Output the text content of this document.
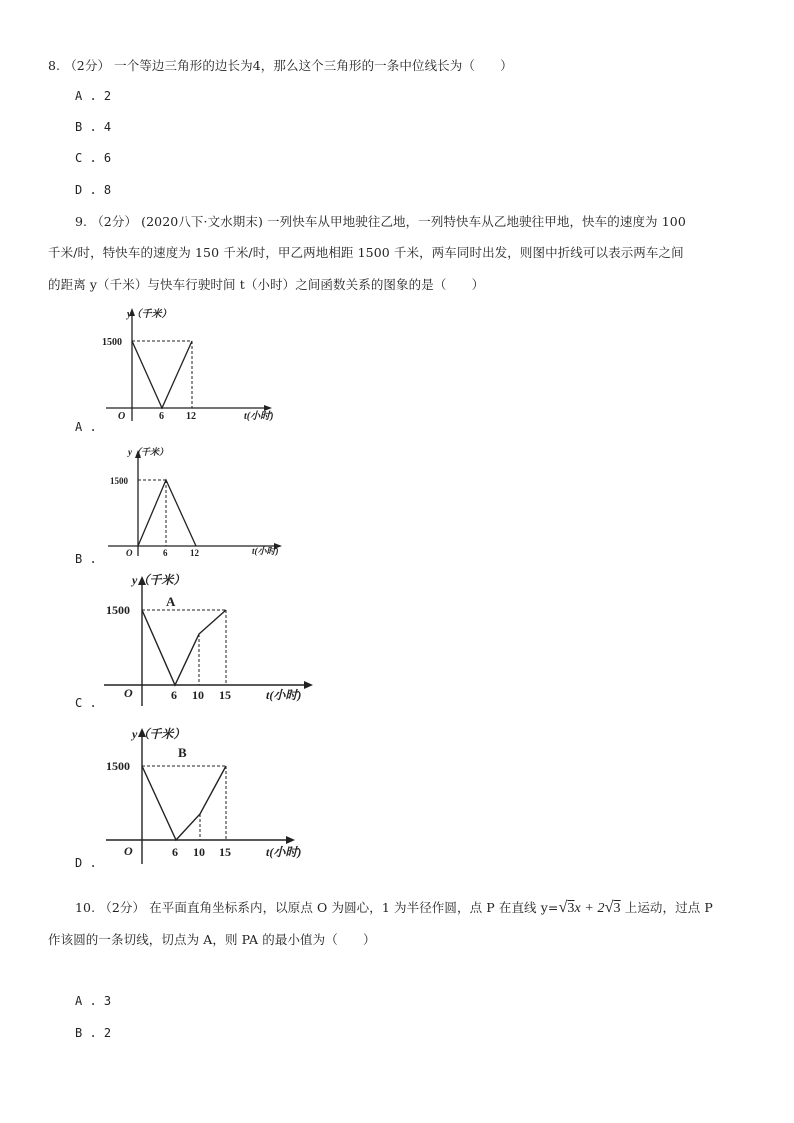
8. （2分） 一个等边三角形的边长为4，那么这个三角形的一条中位线长为（　　）
A . 2
B . 4
C . 6
D . 8
9. （2分） (2020八下·文水期末) 一列快车从甲地驶往乙地，一列特快车从乙地驶往甲地，快车的速度为 100
千米/时，特快车的速度为 150 千米/时，甲乙两地相距 1500 千米，两车同时出发，则图中折线可以表示两车之间
的距离 y（千米）与快车行驶时间 t（小时）之间函数关系的图象的是（　　）
y（千米）
1500
O	6 12	t(小时)
A .
y（千米）
1500
O	6	12	t(小时)
B .
y（千米）
A
1500
O	6 10 15	t(小时)
C .
y（千米）
B
1500
O	6 10 15	t(小时)
D .
10. （2分） 在平面直角坐标系内，以原点 O 为圆心，1 为半径作圆，点 P 在直线 y=√3x + 2√3 上运动，过点 P
作该圆的一条切线，切点为 A，则 PA 的最小值为（　　）
A . 3
B . 2
